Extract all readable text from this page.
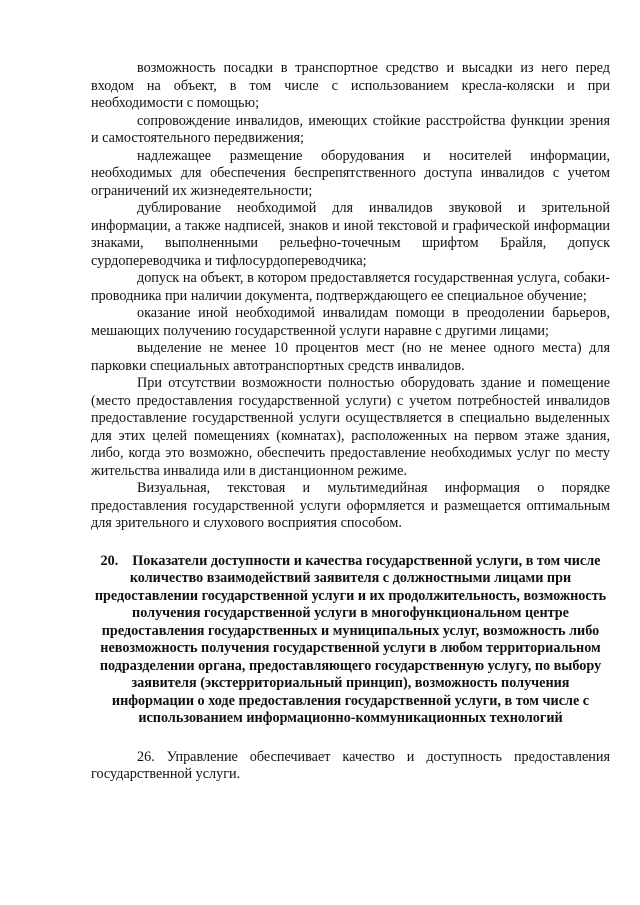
возможность посадки в транспортное средство и высадки из него перед входом на объект, в том числе с использованием кресла-коляски и при необходимости с помощью;

сопровождение инвалидов, имеющих стойкие расстройства функции зрения и самостоятельного передвижения;

надлежащее размещение оборудования и носителей информации, необходимых для обеспечения беспрепятственного доступа инвалидов с учетом ограничений их жизнедеятельности;

дублирование необходимой для инвалидов звуковой и зрительной информации, а также надписей, знаков и иной текстовой и графической информации знаками, выполненными рельефно-точечным шрифтом Брайля, допуск сурдопереводчика и тифлосурдопереводчика;

допуск на объект, в котором предоставляется государственная услуга, собаки-проводника при наличии документа, подтверждающего ее специальное обучение;

оказание иной необходимой инвалидам помощи в преодолении барьеров, мешающих получению государственной услуги наравне с другими лицами;

выделение не менее 10 процентов мест (но не менее одного места) для парковки специальных автотранспортных средств инвалидов.

При отсутствии возможности полностью оборудовать здание и помещение (место предоставления государственной услуги) с учетом потребностей инвалидов предоставление государственной услуги осуществляется в специально выделенных для этих целей помещениях (комнатах), расположенных на первом этаже здания, либо, когда это возможно, обеспечить предоставление необходимых услуг по месту жительства инвалида или в дистанционном режиме.

Визуальная, текстовая и мультимедийная информация о порядке предоставления государственной услуги оформляется и размещается оптимальным для зрительного и слухового восприятия способом.

20. Показатели доступности и качества государственной услуги, в том числе количество взаимодействий заявителя с должностными лицами при предоставлении государственной услуги и их продолжительность, возможность получения государственной услуги в многофункциональном центре предоставления государственных и муниципальных услуг, возможность либо невозможность получения государственной услуги в любом территориальном подразделении органа, предоставляющего государственную услугу, по выбору заявителя (экстерриториальный принцип), возможность получения информации о ходе предоставления государственной услуги, в том числе с использованием информационно-коммуникационных технологий

26. Управление обеспечивает качество и доступность предоставления государственной услуги.
